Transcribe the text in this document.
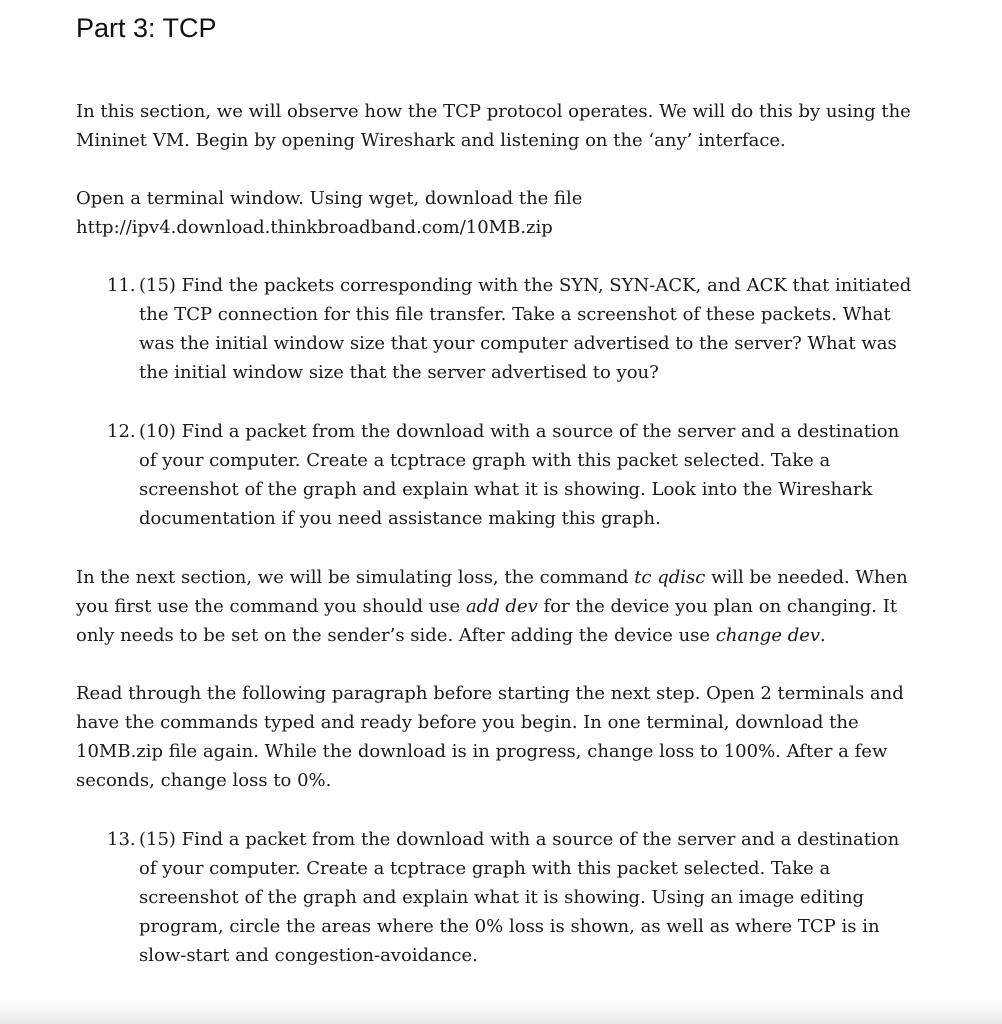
Part 3: TCP

In this section, we will observe how the TCP protocol operates. We will do this by using the
Mininet VM. Begin by opening Wireshark and listening on the ‘any’ interface.

Open a terminal window. Using wget, download the file
http://ipv4.download.thinkbroadband.com/10MB.zip

11. (15) Find the packets corresponding with the SYN, SYN-ACK, and ACK that initiated
the TCP connection for this file transfer. Take a screenshot of these packets. What
was the initial window size that your computer advertised to the server? What was
the initial window size that the server advertised to you?
12. (10) Find a packet from the download with a source of the server and a destination
of your computer. Create a tcptrace graph with this packet selected. Take a
screenshot of the graph and explain what it is showing. Look into the Wireshark
documentation if you need assistance making this graph.

In the next section, we will be simulating loss, the command tc qdisc will be needed. When
you first use the command you should use add dev for the device you plan on changing. It
only needs to be set on the sender’s side. After adding the device use change dev.

Read through the following paragraph before starting the next step. Open 2 terminals and
have the commands typed and ready before you begin. In one terminal, download the
10MB.zip file again. While the download is in progress, change loss to 100%. After a few
seconds, change loss to 0%.

13. (15) Find a packet from the download with a source of the server and a destination
of your computer. Create a tcptrace graph with this packet selected. Take a
screenshot of the graph and explain what it is showing. Using an image editing
program, circle the areas where the 0% loss is shown, as well as where TCP is in
slow-start and congestion-avoidance.
